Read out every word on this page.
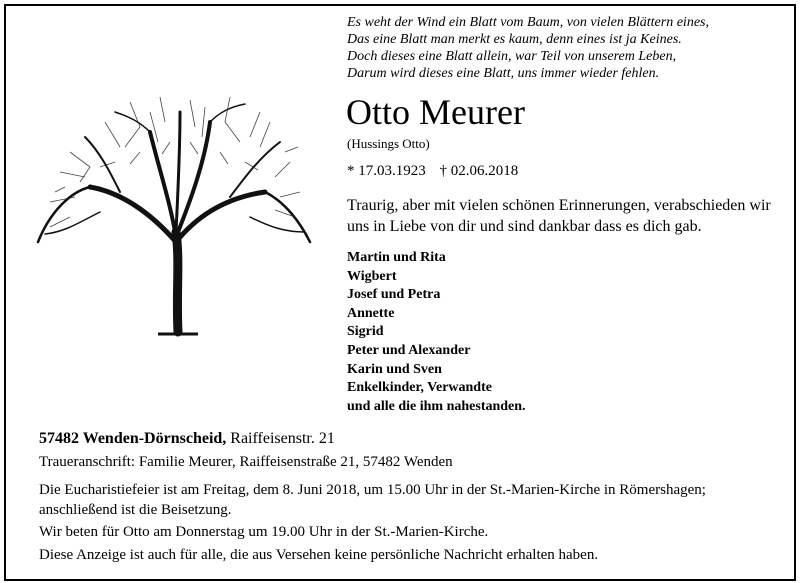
Es weht der Wind ein Blatt vom Baum, von vielen Blättern eines,
Das eine Blatt man merkt es kaum, denn eines ist ja Keines.
Doch dieses eine Blatt allein, war Teil von unserem Leben,
Darum wird dieses eine Blatt, uns immer wieder fehlen.
Otto Meurer
(Hussings Otto)
* 17.03.1923 † 02.06.2018
Traurig, aber mit vielen schönen Erinnerungen, verabschieden wir uns in Liebe von dir und sind dankbar dass es dich gab.
Martin und Rita
Wigbert
Josef und Petra
Annette
Sigrid
Peter und Alexander
Karin und Sven
Enkelkinder, Verwandte
und alle die ihm nahestanden.
57482 Wenden-Dörnscheid, Raiffeisenstr. 21
Traueranschrift: Familie Meurer, Raiffeisenstraße 21, 57482 Wenden
Die Eucharistiefeier ist am Freitag, dem 8. Juni 2018, um 15.00 Uhr in der St.-Marien-Kirche in Römershagen; anschließend ist die Beisetzung.
Wir beten für Otto am Donnerstag um 19.00 Uhr in der St.-Marien-Kirche.
Diese Anzeige ist auch für alle, die aus Versehen keine persönliche Nachricht erhalten haben.
